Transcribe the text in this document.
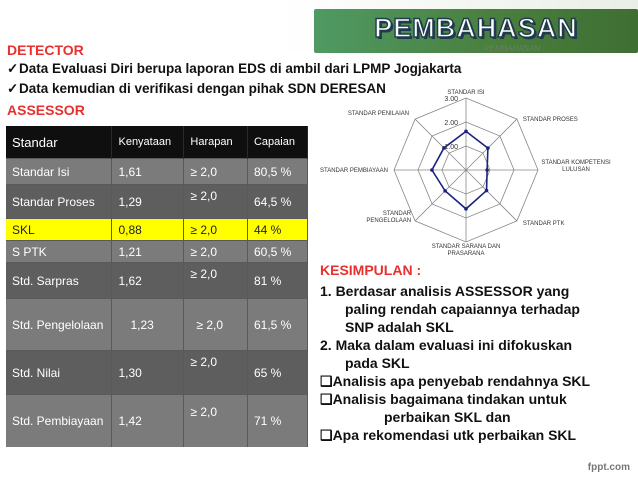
PEMBAHASAN
PEMBAHASAN
DETECTOR
✓Data Evaluasi Diri berupa laporan EDS di ambil dari LPMP Jogjakarta
✓Data kemudian di verifikasi dengan pihak SDN DERESAN
ASSESSOR
Standar	Kenyataan	Harapan	Capaian
Standar Isi	1,61	≥ 2,0	80,5 %
Standar Proses	1,29	≥ 2,0	64,5 %
SKL	0,88	≥ 2,0	44 %
S PTK	1,21	≥ 2,0	60,5 %
Std. Sarpras	1,62	≥ 2,0	81 %
Std. Pengelolaan	1,23	≥ 2,0	61,5 %
Std. Nilai	1,30	≥ 2,0	65 %
Std. Pembiayaan	1,42	≥ 2,0	71 %
3.00
2.00
1.00
STANDAR ISI
STANDAR PROSES
STANDAR KOMPETENSI LULUSAN
STANDAR PTK
STANDAR SARANA DAN PRASARANA
STANDAR PENGELOLAAN
STANDAR PEMBIAYAAN
STANDAR PENILAIAN
KESIMPULAN :
1. Berdasar analisis ASSESSOR yang
paling rendah capaiannya terhadap
SNP adalah SKL
2. Maka dalam evaluasi ini difokuskan
pada SKL
❑Analisis apa penyebab rendahnya SKL
❑Analisis bagaimana tindakan untuk
perbaikan SKL dan
❑Apa rekomendasi utk perbaikan SKL
fppt.com
